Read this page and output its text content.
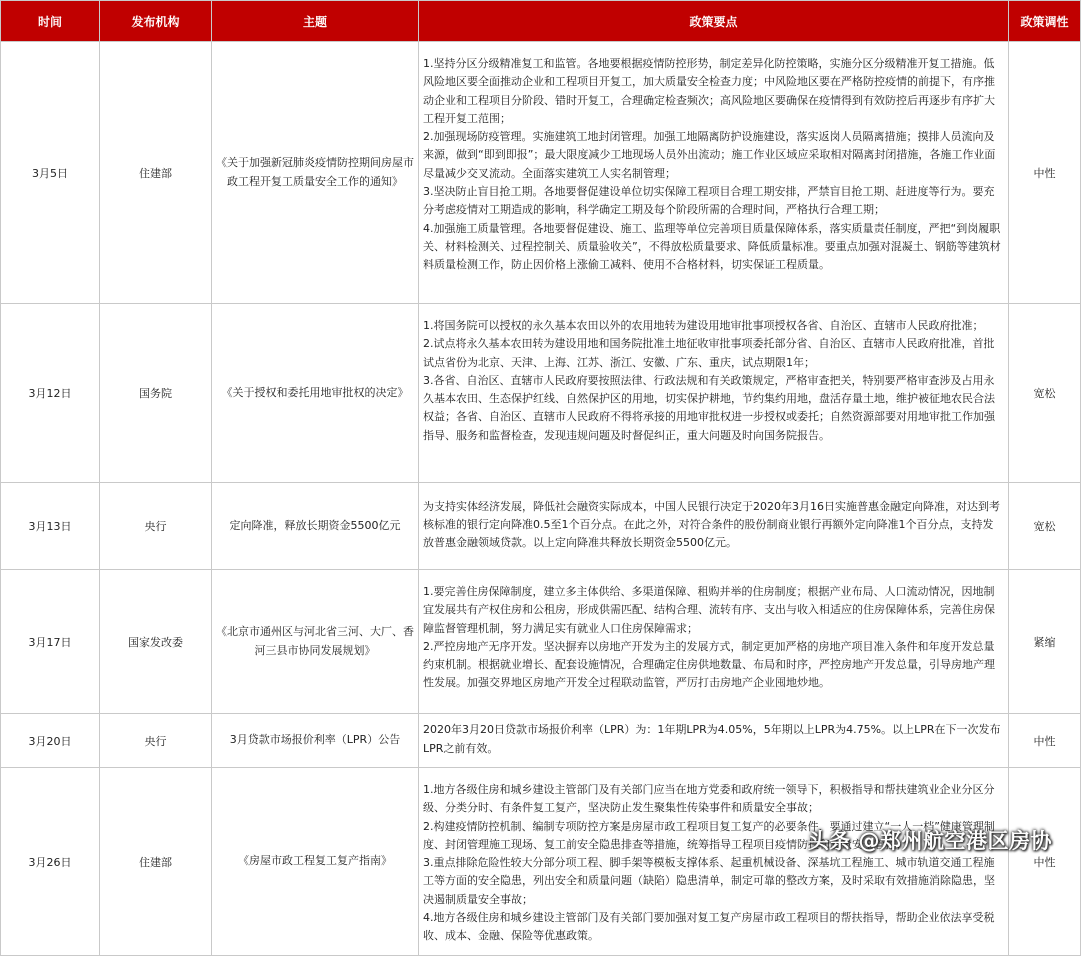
时间	发布机构	主题	政策要点	政策调性
3月5日	住建部	《关于加强新冠肺炎疫情防控期间房屋市政工程开复工质量安全工作的通知》	1.坚持分区分级精准复工和监管。各地要根据疫情防控形势，制定差异化防控策略，实施分区分级精准开复工措施。低风险地区要全面推动企业和工程项目开复工，加大质量安全检查力度；中风险地区要在严格防控疫情的前提下，有序推动企业和工程项目分阶段、错时开复工，合理确定检查频次；高风险地区要确保在疫情得到有效防控后再逐步有序扩大工程开复工范围；
2.加强现场防疫管理。实施建筑工地封闭管理。加强工地隔离防护设施建设，落实返岗人员隔离措施；摸排人员流向及来源，做到“即到即报”；最大限度减少工地现场人员外出流动；施工作业区域应采取相对隔离封闭措施，各施工作业面尽量减少交叉流动。全面落实建筑工人实名制管理；
3.坚决防止盲目抢工期。各地要督促建设单位切实保障工程项目合理工期安排，严禁盲目抢工期、赶进度等行为。要充分考虑疫情对工期造成的影响，科学确定工期及每个阶段所需的合理时间，严格执行合理工期；
4.加强施工质量管理。各地要督促建设、施工、监理等单位完善项目质量保障体系，落实质量责任制度，严把“到岗履职关、材料检测关、过程控制关、质量验收关”，不得放松质量要求、降低质量标准。要重点加强对混凝土、钢筋等建筑材料质量检测工作，防止因价格上涨偷工减料、使用不合格材料，切实保证工程质量。	中性
3月12日	国务院	《关于授权和委托用地审批权的决定》	1.将国务院可以授权的永久基本农田以外的农用地转为建设用地审批事项授权各省、自治区、直辖市人民政府批准；
2.试点将永久基本农田转为建设用地和国务院批准土地征收审批事项委托部分省、自治区、直辖市人民政府批准，首批试点省份为北京、天津、上海、江苏、浙江、安徽、广东、重庆，试点期限1年；
3.各省、自治区、直辖市人民政府要按照法律、行政法规和有关政策规定，严格审查把关，特别要严格审查涉及占用永久基本农田、生态保护红线、自然保护区的用地，切实保护耕地，节约集约用地，盘活存量土地，维护被征地农民合法权益；各省、自治区、直辖市人民政府不得将承接的用地审批权进一步授权或委托；自然资源部要对用地审批工作加强指导、服务和监督检查，发现违规问题及时督促纠正，重大问题及时向国务院报告。	宽松
3月13日	央行	定向降准，释放长期资金5500亿元	为支持实体经济发展，降低社会融资实际成本，中国人民银行决定于2020年3月16日实施普惠金融定向降准，对达到考核标准的银行定向降准0.5至1个百分点。在此之外，对符合条件的股份制商业银行再额外定向降准1个百分点，支持发放普惠金融领域贷款。以上定向降准共释放长期资金5500亿元。	宽松
3月17日	国家发改委	《北京市通州区与河北省三河、大厂、香河三县市协同发展规划》	1.要完善住房保障制度，建立多主体供给、多渠道保障、租购并举的住房制度；根据产业布局、人口流动情况，因地制宜发展共有产权住房和公租房，形成供需匹配、结构合理、流转有序、支出与收入相适应的住房保障体系，完善住房保障监督管理机制，努力满足实有就业人口住房保障需求；
2.严控房地产无序开发。坚决摒弃以房地产开发为主的发展方式，制定更加严格的房地产项目准入条件和年度开发总量约束机制。根据就业增长、配套设施情况，合理确定住房供地数量、布局和时序，严控房地产开发总量，引导房地产理性发展。加强交界地区房地产开发全过程联动监管，严厉打击房地产企业囤地炒地。	紧缩
3月20日	央行	3月贷款市场报价利率（LPR）公告	2020年3月20日贷款市场报价利率（LPR）为：1年期LPR为4.05%，5年期以上LPR为4.75%。以上LPR在下一次发布LPR之前有效。	中性
3月26日	住建部	《房屋市政工程复工复产指南》	1.地方各级住房和城乡建设主管部门及有关部门应当在地方党委和政府统一领导下，积极指导和帮扶建筑业企业分区分级、分类分时、有条件复工复产，坚决防止发生聚集性传染事件和质量安全事故；
2.构建疫情防控机制、编制专项防控方案是房屋市政工程项目复工复产的必要条件，要通过建立“一人一档”健康管理制度、封闭管理施工现场、复工前安全隐患排查等措施，统筹指导工程项目疫情防控和质量安全管控；
3.重点排除危险性较大分部分项工程、脚手架等模板支撑体系、起重机械设备、深基坑工程施工、城市轨道交通工程施工等方面的安全隐患，列出安全和质量问题（缺陷）隐患清单，制定可靠的整改方案，及时采取有效措施消除隐患，坚决遏制质量安全事故；
4.地方各级住房和城乡建设主管部门及有关部门要加强对复工复产房屋市政工程项目的帮扶指导，帮助企业依法享受税收、成本、金融、保险等优惠政策。	中性
头条 @郑州航空港区房协
